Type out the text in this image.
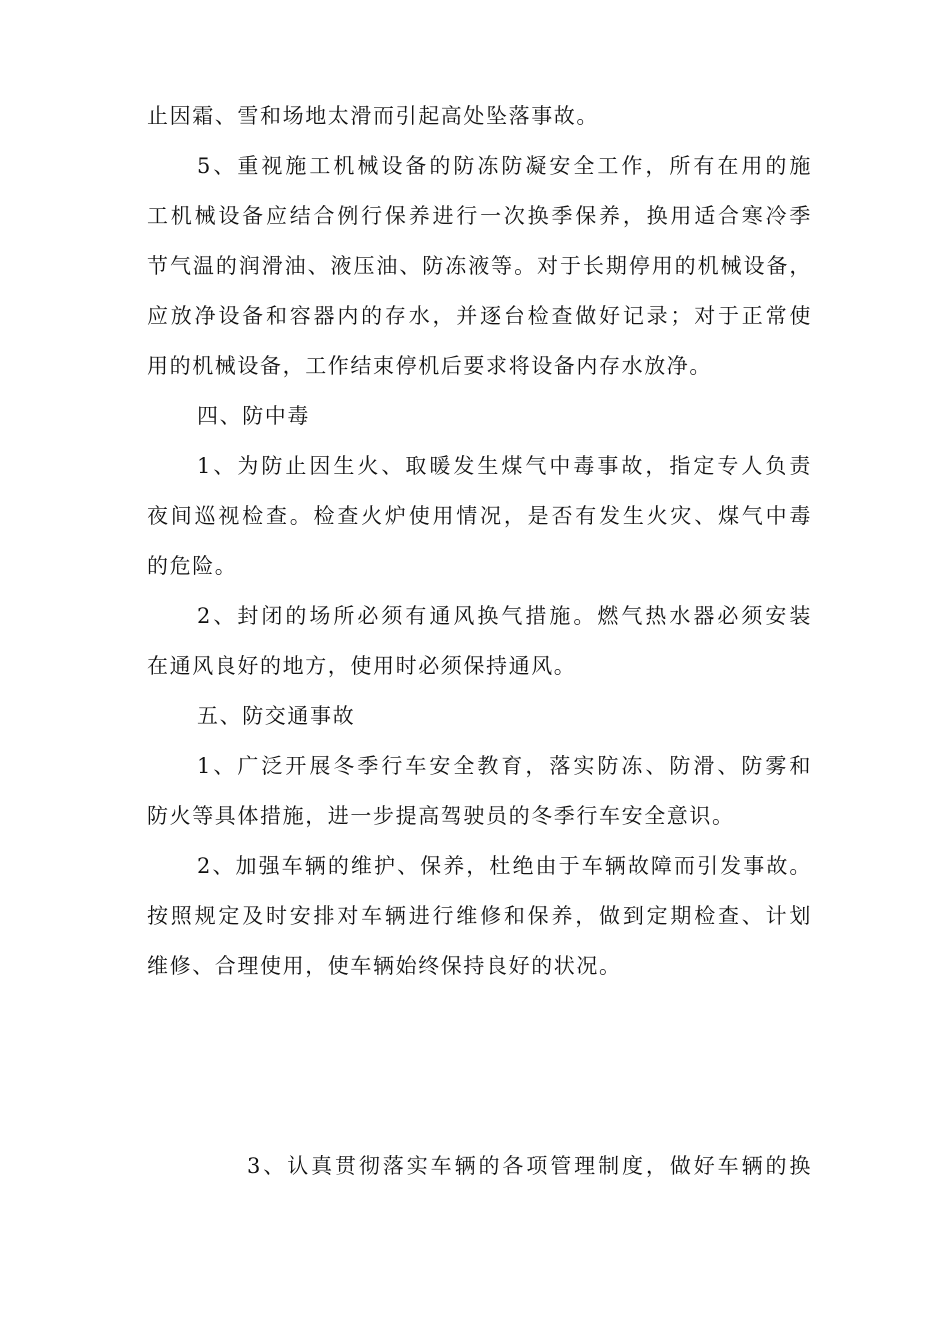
止因霜、雪和场地太滑而引起高处坠落事故。
5、重视施工机械设备的防冻防凝安全工作，所有在用的施
工机械设备应结合例行保养进行一次换季保养，换用适合寒冷季
节气温的润滑油、液压油、防冻液等。对于长期停用的机械设备，
应放净设备和容器内的存水，并逐台检查做好记录；对于正常使
用的机械设备，工作结束停机后要求将设备内存水放净。
四、防中毒
1、为防止因生火、取暖发生煤气中毒事故，指定专人负责
夜间巡视检查。检查火炉使用情况，是否有发生火灾、煤气中毒
的危险。
2、封闭的场所必须有通风换气措施。燃气热水器必须安装
在通风良好的地方，使用时必须保持通风。
五、防交通事故
1、广泛开展冬季行车安全教育，落实防冻、防滑、防雾和
防火等具体措施，进一步提高驾驶员的冬季行车安全意识。
2、加强车辆的维护、保养，杜绝由于车辆故障而引发事故。
按照规定及时安排对车辆进行维修和保养，做到定期检查、计划
维修、合理使用，使车辆始终保持良好的状况。
3、认真贯彻落实车辆的各项管理制度，做好车辆的换
